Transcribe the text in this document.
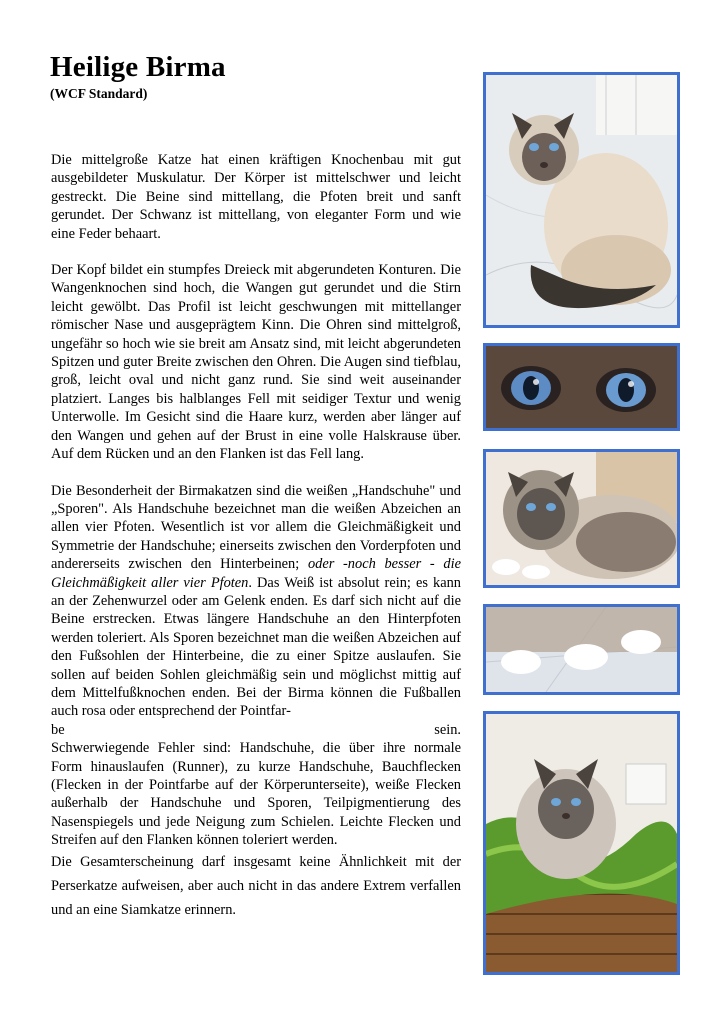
Heilige Birma
(WCF Standard)

Die mittelgroße Katze hat einen kräftigen Knochenbau mit gut ausgebildeter Muskulatur. Der Körper ist mittelschwer und leicht gestreckt. Die Beine sind mittellang, die Pfoten breit und sanft gerundet. Der Schwanz ist mittellang, von eleganter Form und wie eine Feder behaart.

Der Kopf bildet ein stumpfes Dreieck mit abgerundeten Konturen. Die Wangenknochen sind hoch, die Wangen gut gerundet und die Stirn leicht gewölbt. Das Profil ist leicht geschwungen mit mittellanger römischer Nase und ausgeprägtem Kinn. Die Ohren sind mittelgroß, ungefähr so hoch wie sie breit am Ansatz sind, mit leicht abgerundeten Spitzen und guter Breite zwischen den Ohren. Die Augen sind tiefblau, groß, leicht oval und nicht ganz rund. Sie sind weit auseinander platziert. Langes bis halblanges Fell mit seidiger Textur und wenig Unterwolle. Im Gesicht sind die Haare kurz, werden aber länger auf den Wangen und gehen auf der Brust in eine volle Halskrause über. Auf dem Rücken und an den Flanken ist das Fell lang.

Die Besonderheit der Birmakatzen sind die weißen „Handschuhe" und „Sporen". Als Handschuhe bezeichnet man die weißen Abzeichen an allen vier Pfoten. Wesentlich ist vor allem die Gleichmäßigkeit und Symmetrie der Handschuhe; einerseits zwischen den Vorderpfoten und andererseits zwischen den Hinterbeinen; oder -noch besser - die Gleichmäßigkeit aller vier Pfoten. Das Weiß ist absolut rein; es kann an der Zehenwurzel oder am Gelenk enden. Es darf sich nicht auf die Beine erstrecken. Etwas längere Handschuhe an den Hinterpfoten werden toleriert. Als Sporen bezeichnet man die weißen Abzeichen auf den Fußsohlen der Hinterbeine, die zu einer Spitze auslaufen. Sie sollen auf beiden Sohlen gleichmäßig sein und möglichst mittig auf dem Mittelfußknochen enden. Bei der Birma können die Fußballen auch rosa oder entsprechend der Pointfar-

be	sein.

Schwerwiegende Fehler sind: Handschuhe, die über ihre normale Form hinauslaufen (Runner), zu kurze Handschuhe, Bauchflecken (Flecken in der Pointfarbe auf der Körperunterseite), weiße Flecken außerhalb der Handschuhe und Sporen, Teilpigmentierung des Nasenspiegels und jede Neigung zum Schielen. Leichte Flecken und Streifen auf den Flanken können toleriert werden.

Die Gesamterscheinung darf insgesamt keine Ähnlichkeit mit der Perserkatze aufweisen, aber auch nicht in das andere Extrem verfallen und an eine Siamkatze erinnern.
